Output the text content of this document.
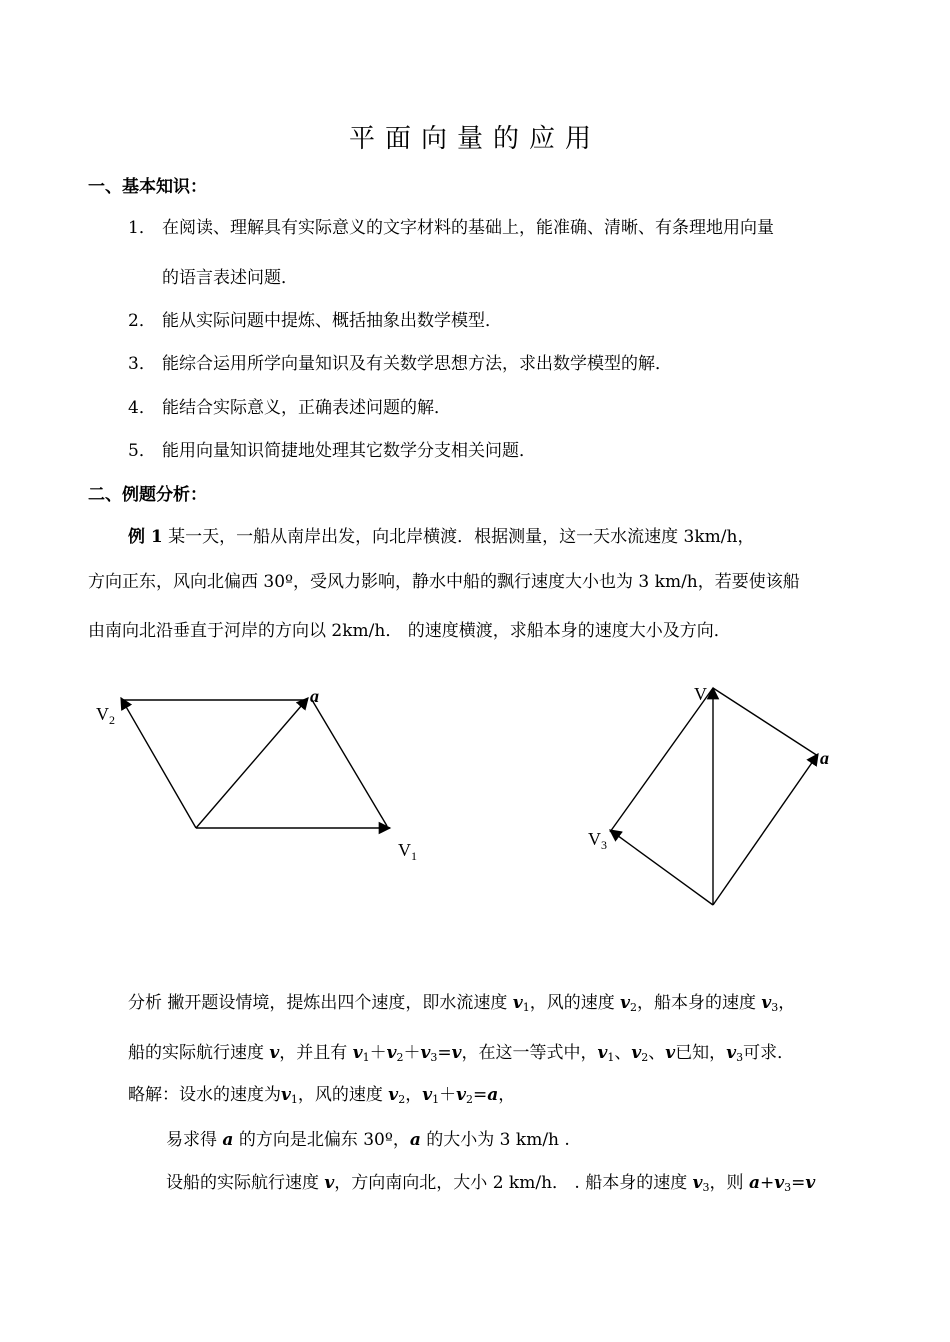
平面向量的应用
一、基本知识：
1． 在阅读、理解具有实际意义的文字材料的基础上，能准确、清晰、有条理地用向量
的语言表述问题．
2． 能从实际问题中提炼、概括抽象出数学模型．
3． 能综合运用所学向量知识及有关数学思想方法，求出数学模型的解．
4． 能结合实际意义，正确表述问题的解．
5． 能用向量知识简捷地处理其它数学分支相关问题．
二、例题分析：
例 1 某一天，一船从南岸出发，向北岸横渡．根据测量，这一天水流速度 3km/h，
方向正东，风向北偏西 30º，受风力影响，静水中船的飘行速度大小也为 3 km/h，若要使该船
由南向北沿垂直于河岸的方向以 2km/h． 的速度横渡，求船本身的速度大小及方向．
$V_2$
a
$V_1$
V
a
$V_3$
分析 撇开题设情境，提炼出四个速度，即水流速度 $v_1$，风的速度 $v_2$，船本身的速度 $v_3$，
船的实际航行速度 v，并且有 $v_1+v_2+v_3=v$，在这一等式中，$v_1$、$v_2$、v已知，$v_3$可求．
略解：设水的速度为$v_1$，风的速度 $v_2$，$v_1+v_2=a$，
易求得 a 的方向是北偏东 30º，a 的大小为 3 km/h .
设船的实际航行速度 v，方向南向北，大小 2 km/h． . 船本身的速度 $v_3$，则 $a+v_3=v$
